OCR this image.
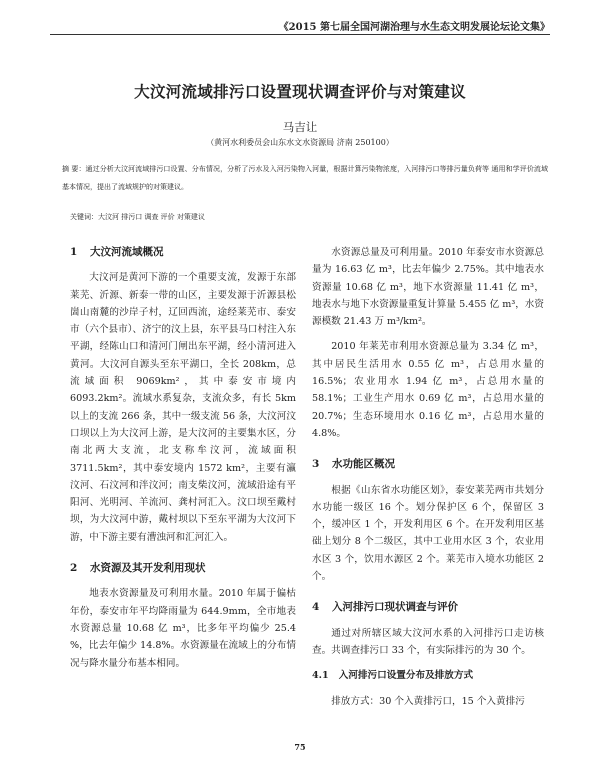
《2015 第七届全国河湖治理与水生态文明发展论坛论文集》
大汶河流域排污口设置现状调查评价与对策建议
马吉让
（黄河水利委员会山东水文水资源局 济南 250100）
摘 要：通过分析大汶河流域排污口设置、分布情况，分析了污水及入河污染物入河量，根据计算污染物浓度，入河排污口等排污量负荷等 通用和学评价流域基本情况，提出了流域规护的对策建议。
关键词：大汶河 排污口 调查 评价 对策建议
1	大汶河流域概况

大汶河是黄河下游的一个重要支流，发源于东部莱芜、沂源、新泰一带的山区，主要发源于沂源县松崮山南麓的沙岸子村，辽回西流，途经莱芜市、泰安市（六个县市）、济宁的汶上县，东平县马口村注入东平湖，经陈山口和清河门闸出东平湖，经小清河进入黄河。大汶河自源头至东平湖口，全长 208km，总流域面积 9069km²，其中泰安市境内 6093.2km²。流域水系复杂，支流众多，有长 5km 以上的支流 266 条，其中一级支流 56 条，大汶河汶口坝以上为大汶河上游，是大汶河的主要集水区，分南北两大支流，北支称牟汶河，流域面积 3711.5km²，其中泰安境内 1572 km²，主要有瀛汶河、石汶河和泮汶河；南支柴汶河，流域沿途有平阳河、光明河、羊流河、龚村河汇入。汶口坝至戴村坝，为大汶河中游，戴村坝以下至东平湖为大汶河下游，中下游主要有漕浊河和汇河汇入。

2	水资源及其开发利用现状

地表水资源量及可利用水量。2010 年属于偏枯年份，泰安市年平均降雨量为 644.9mm，全市地表水资源总量 10.68 亿 m³，比多年平均偏少 25.4 %，比去年偏少 14.8%。水资源量在流域上的分布情况与降水量分布基本相同。

水资源总量及可利用量。2010 年泰安市水资源总量为 16.63 亿 m³，比去年偏少 2.75%。其中地表水资源量 10.68 亿 m³，地下水资源量 11.41 亿 m³，地表水与地下水资源量重复计算量 5.455 亿 m³，水资源模数 21.43 万 m³/km²。

2010 年莱芜市利用水资源总量为 3.34 亿 m³，其中居民生活用水 0.55 亿 m³，占总用水量的 16.5%；农业用水 1.94 亿 m³，占总用水量的 58.1%；工业生产用水 0.69 亿 m³，占总用水量的 20.7%；生态环境用水 0.16 亿 m³，占总用水量的 4.8%。

3	水功能区概况

根据《山东省水功能区划》，泰安莱芜两市共划分水功能一级区 16 个。划分保护区 6 个，保留区 3 个，缓冲区 1 个，开发利用区 6 个。在开发利用区基础上划分 8 个二级区，其中工业用水区 3 个，农业用水区 3 个，饮用水源区 2 个。莱芜市入境水功能区 2 个。

4	入河排污口现状调查与评价

通过对所辖区域大汶河水系的入河排污口走访核查。共调查排污口 33 个，有实际排污的为 30 个。

4.1 入河排污口设置分布及排放方式

排放方式：30 个入黄排污口，15 个入黄排污

75
